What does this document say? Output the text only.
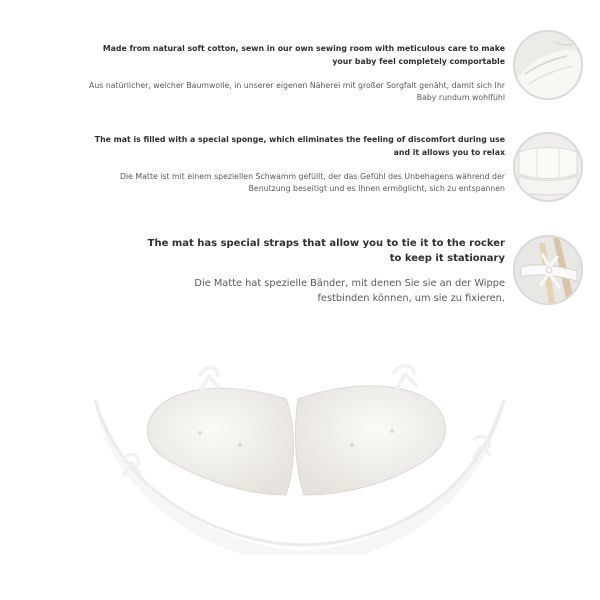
Made from natural soft cotton, sewn in our own sewing room with meticulous care to make your baby feel completely comportable
Aus natürlicher, weicher Baumwolle, in unserer eigenen Näherei mit großer Sorgfalt genäht, damit sich Ihr Baby rundum wohlfühl
The mat is filled with a special sponge, which eliminates the feeling of discomfort during use and it allows you to relax
Die Matte ist mit einem speziellen Schwamm gefüllt, der das Gefühl des Unbehagens während der Benutzung beseitigt und es Ihnen ermöglicht, sich zu entspannen
The mat has special straps that allow you to tie it to the rocker to keep it stationary
Die Matte hat spezielle Bänder, mit denen Sie sie an der Wippe festbinden können, um sie zu fixieren.
